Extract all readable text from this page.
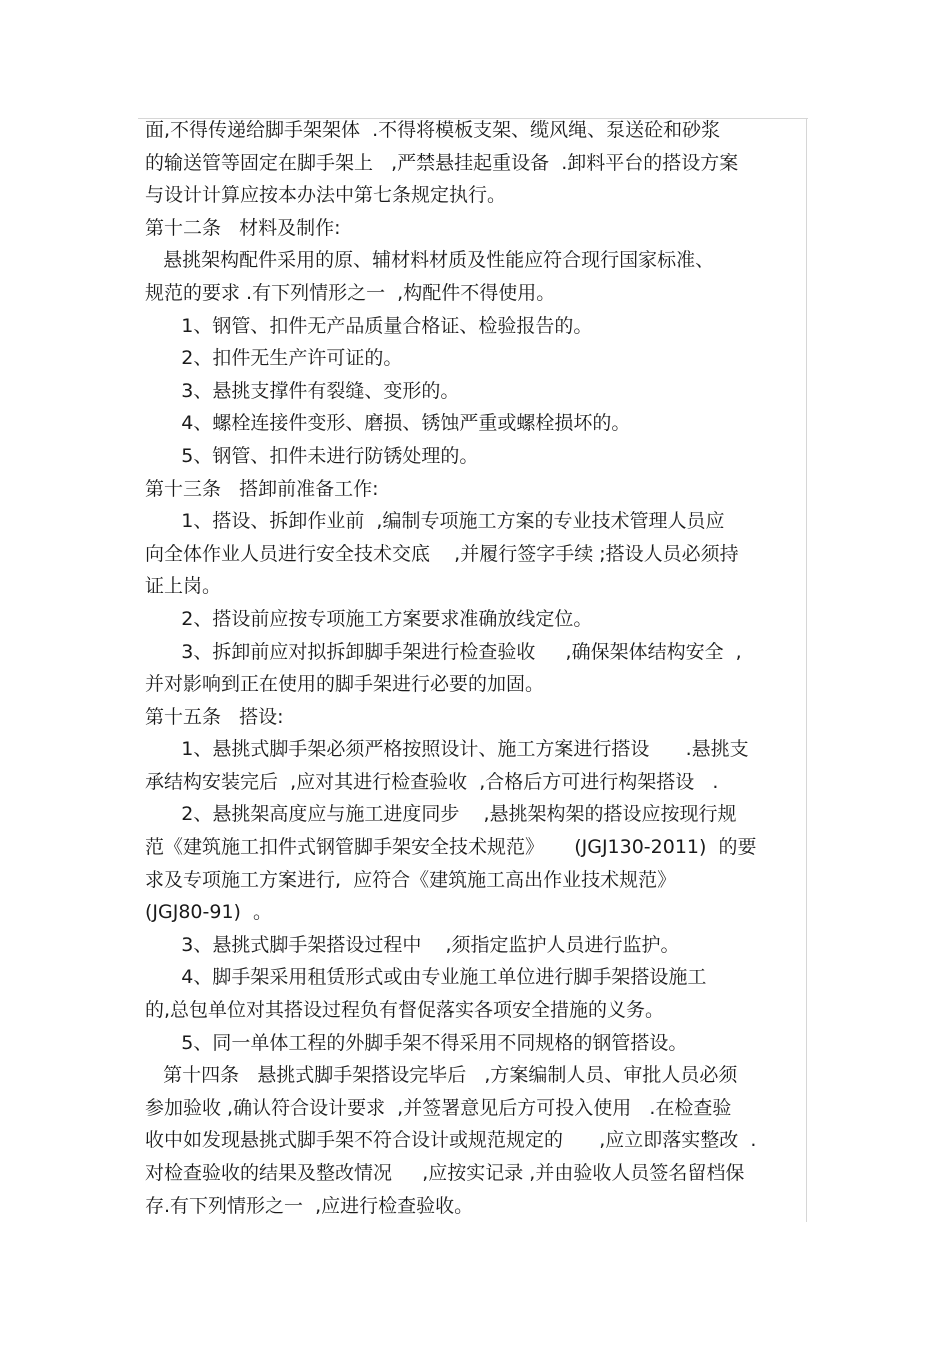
面,不得传递给脚手架架体  .不得将模板支架、缆风绳、泵送砼和砂浆
的输送管等固定在脚手架上   ,严禁悬挂起重设备  .卸料平台的搭设方案
与设计计算应按本办法中第七条规定执行。
第十二条   材料及制作:
悬挑架构配件采用的原、辅材料材质及性能应符合现行国家标准、
规范的要求 .有下列情形之一  ,构配件不得使用。
1、钢管、扣件无产品质量合格证、检验报告的。
2、扣件无生产许可证的。
3、悬挑支撑件有裂缝、变形的。
4、螺栓连接件变形、磨损、锈蚀严重或螺栓损坏的。
5、钢管、扣件未进行防锈处理的。
第十三条   搭卸前准备工作:
1、搭设、拆卸作业前  ,编制专项施工方案的专业技术管理人员应
向全体作业人员进行安全技术交底    ,并履行签字手续 ;搭设人员必须持
证上岗。
2、搭设前应按专项施工方案要求准确放线定位。
3、拆卸前应对拟拆卸脚手架进行检查验收     ,确保架体结构安全  ,
并对影响到正在使用的脚手架进行必要的加固。
第十五条   搭设:
1、悬挑式脚手架必须严格按照设计、施工方案进行搭设      .悬挑支
承结构安装完后  ,应对其进行检查验收  ,合格后方可进行构架搭设   .
2、悬挑架高度应与施工进度同步    ,悬挑架构架的搭设应按现行规
范《建筑施工扣件式钢管脚手架安全技术规范》     (JGJ130-2011)  的要
求及专项施工方案进行,  应符合《建筑施工高出作业技术规范》
(JGJ80-91)  。
3、悬挑式脚手架搭设过程中    ,须指定监护人员进行监护。
4、脚手架采用租赁形式或由专业施工单位进行脚手架搭设施工
的,总包单位对其搭设过程负有督促落实各项安全措施的义务。
5、同一单体工程的外脚手架不得采用不同规格的钢管搭设。
第十四条   悬挑式脚手架搭设完毕后   ,方案编制人员、审批人员必须
参加验收 ,确认符合设计要求  ,并签署意见后方可投入使用   .在检查验
收中如发现悬挑式脚手架不符合设计或规范规定的      ,应立即落实整改  .
对检查验收的结果及整改情况     ,应按实记录 ,并由验收人员签名留档保
存.有下列情形之一  ,应进行检查验收。
